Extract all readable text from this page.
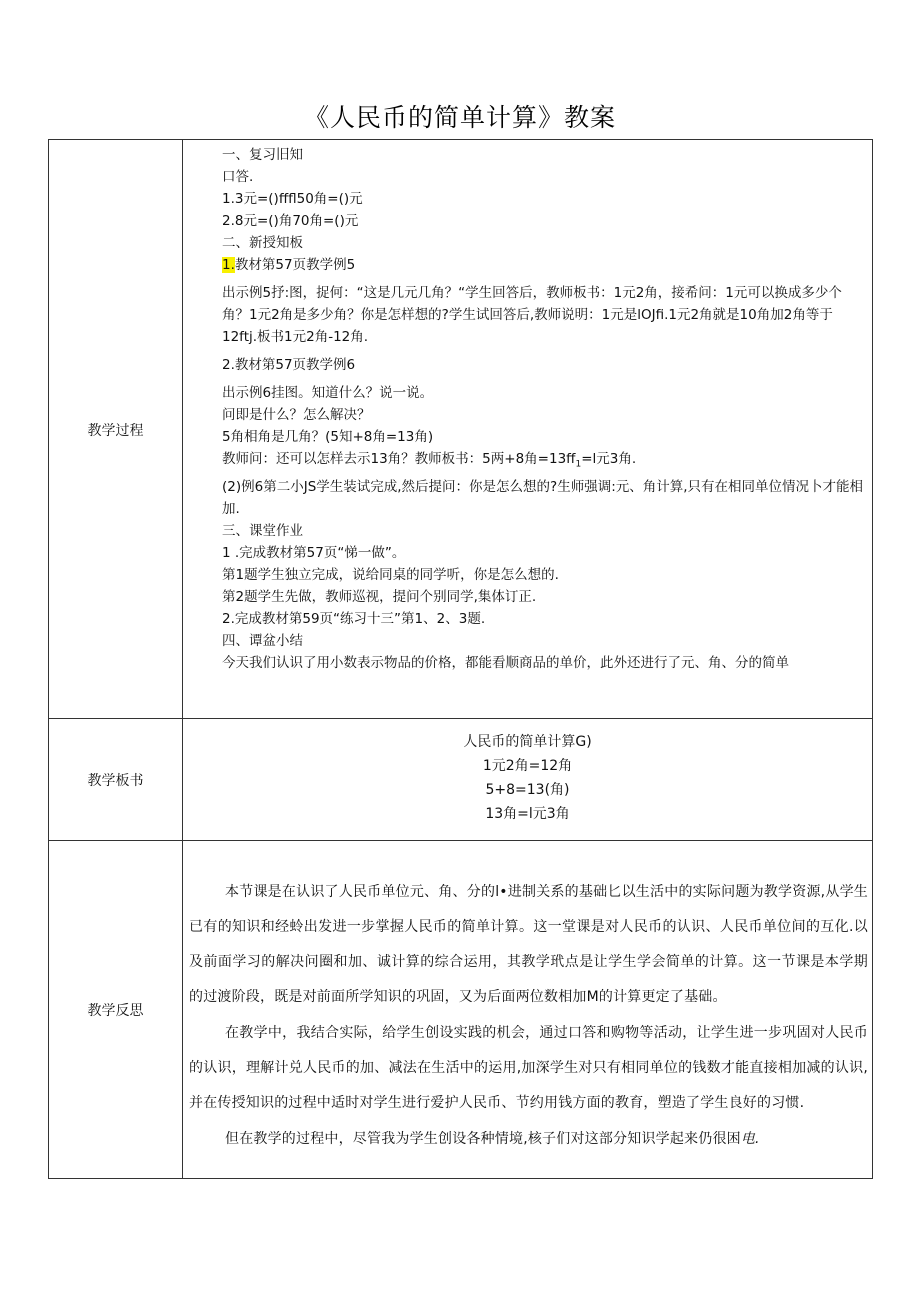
《人民币的简单计算》教案
教学过程

一、复习旧知

口答.

1.3元=()fffl50角=()元

2.8元=()角70角=()元

二、新授知板

1.教材第57页教学例5

出示例5抒:图，捉何：“这是几元几角？“学生回答后，教师板书：1元2角，接希问：1元可以换成多少个角？1元2角是多少角？你是怎样想的?学生试回答后,教师说明：1元是lOJfi.1元2角就是10角加2角等于12ftj.板书1元2角-12角.

2.教材第57页教学例6

出示例6挂图。知道什么？说一说。

问即是什么？怎么解决？

5角相角是几角？(5知+8角=13角)

教师问：还可以怎样去示13角？教师板书：5两+8角$=13ff_1=l$元3角.

(2)例6第二小JS学生装试完成,然后提问：你是怎么想的?生师强调:元、角计算,只有在相同单位情况卜才能相加.

三、课堂作业

1 .完成教材第57页“悌一做”。

第1题学生独立完成，说给同桌的同学听，你是怎么想的.

第2题学生先做，教师巡视，提问个别同学,集体订正.

2.完成教材第59页“练习十三”第1、2、3题.

四、谭盆小结

今天我们认识了用小数表示物品的价格，都能看顺商品的单价，此外还进行了元、角、分的简单

教学板书

人民币的简单计算G)

1元2角=12角

5+8=13(角)

13角=l元3角

教学反思

本节课是在认识了人民币单位元、角、分的l•进制关系的基础匕以生活中的实际问题为教学资源,从学生已有的知识和经蛉出发进一步掌握人民币的简单计算。这一堂课是对人民币的认识、人民币单位间的互化.以及前面学习的解决问圈和加、诚计算的综合运用，其教学玳点是让学生学会简单的计算。这一节课是本学期的过渡阶段，既是对前面所学知识的巩固，又为后面两位数相加M的计算更定了基础。

在教学中，我结合实际，给学生创设实践的机会，通过口答和购物等活动，让学生进一步巩固对人民币的认识，理解计兑人民币的加、减法在生活中的运用,加深学生对只有相同单位的钱数才能直接相加减的认识,并在传授知识的过程中适时对学生进行爱护人民币、节约用钱方面的教育，塑造了学生良好的习惯.

但在教学的过程中，尽管我为学生创设各种情境,核子们对这部分知识学起来仍很困电.
